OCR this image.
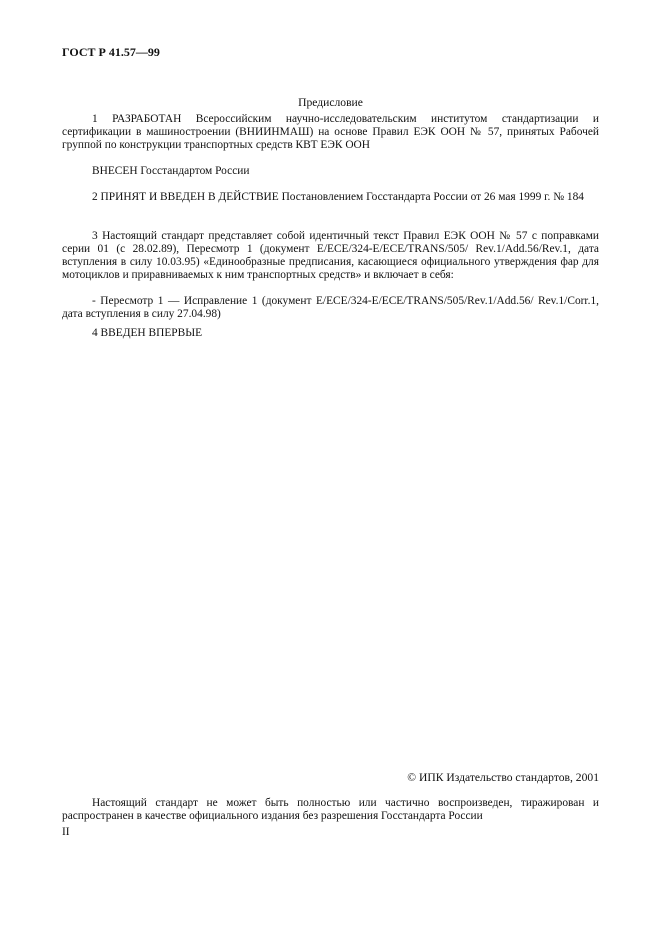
ГОСТ Р 41.57—99
Предисловие

1 РАЗРАБОТАН Всероссийским научно-исследовательским институтом стандартизации и сертификации в машиностроении (ВНИИНМАШ) на основе Правил ЕЭК ООН № 57, принятых Рабочей группой по конструкции транспортных средств КВТ ЕЭК ООН

ВНЕСЕН Госстандартом России

2 ПРИНЯТ И ВВЕДЕН В ДЕЙСТВИЕ Постановлением Госстандарта России от 26 мая 1999 г. № 184

3 Настоящий стандарт представляет собой идентичный текст Правил ЕЭК ООН № 57 с поправками серии 01 (с 28.02.89), Пересмотр 1 (документ E/ECE/324-E/ECE/TRANS/505/ Rev.1/Add.56/Rev.1, дата вступления в силу 10.03.95) «Единообразные предписания, касающиеся официального утверждения фар для мотоциклов и приравниваемых к ним транспортных средств» и включает в себя:

- Пересмотр 1 — Исправление 1 (документ E/ECE/324-E/ECE/TRANS/505/Rev.1/Add.56/ Rev.1/Corr.1, дата вступления в силу 27.04.98)

4 ВВЕДЕН ВПЕРВЫЕ

© ИПК Издательство стандартов, 2001

Настоящий стандарт не может быть полностью или частично воспроизведен, тиражирован и распространен в качестве официального издания без разрешения Госстандарта России

II
